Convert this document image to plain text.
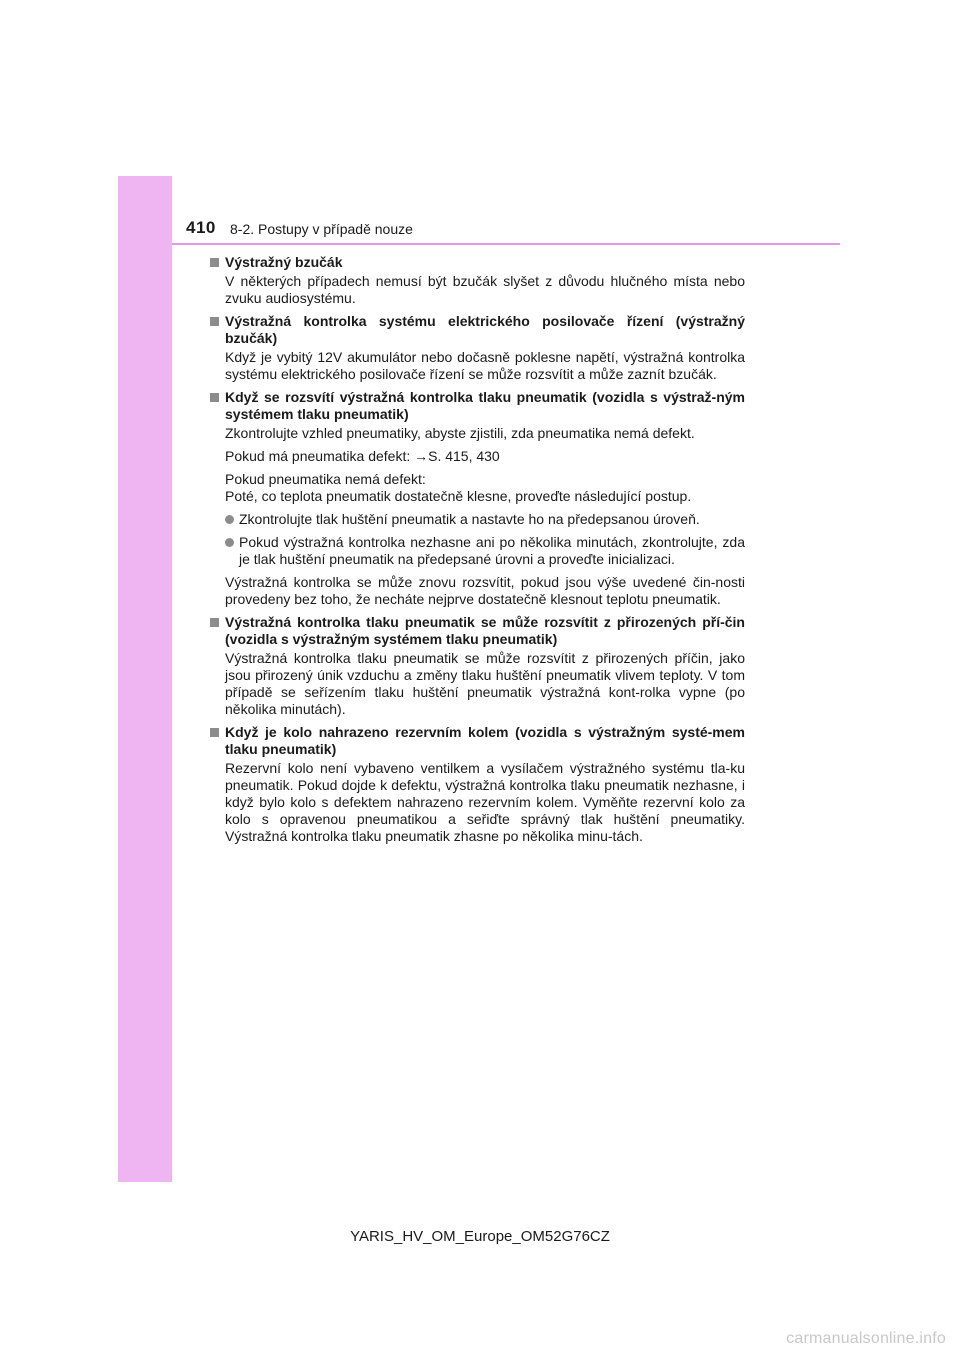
410 8-2. Postupy v případě nouze
Výstražný bzučák
V některých případech nemusí být bzučák slyšet z důvodu hlučného místa nebo zvuku audiosystému.
Výstražná kontrolka systému elektrického posilovače řízení (výstražný bzučák)
Když je vybitý 12V akumulátor nebo dočasně poklesne napětí, výstražná kontrolka systému elektrického posilovače řízení se může rozsvítit a může zaznít bzučák.
Když se rozsvítí výstražná kontrolka tlaku pneumatik (vozidla s výstraž-ným systémem tlaku pneumatik)
Zkontrolujte vzhled pneumatiky, abyste zjistili, zda pneumatika nemá defekt.
Pokud má pneumatika defekt: →S. 415, 430
Pokud pneumatika nemá defekt:
Poté, co teplota pneumatik dostatečně klesne, proveďte následující postup.
Zkontrolujte tlak huštění pneumatik a nastavte ho na předepsanou úroveň.
Pokud výstražná kontrolka nezhasne ani po několika minutách, zkontrolujte, zda je tlak huštění pneumatik na předepsané úrovni a proveďte inicializaci.
Výstražná kontrolka se může znovu rozsvítit, pokud jsou výše uvedené čin-nosti provedeny bez toho, že necháte nejprve dostatečně klesnout teplotu pneumatik.
Výstražná kontrolka tlaku pneumatik se může rozsvítit z přirozených pří-čin (vozidla s výstražným systémem tlaku pneumatik)
Výstražná kontrolka tlaku pneumatik se může rozsvítit z přirozených příčin, jako jsou přirozený únik vzduchu a změny tlaku huštění pneumatik vlivem teploty. V tom případě se seřízením tlaku huštění pneumatik výstražná kont-rolka vypne (po několika minutách).
Když je kolo nahrazeno rezervním kolem (vozidla s výstražným systé-mem tlaku pneumatik)
Rezervní kolo není vybaveno ventilkem a vysílačem výstražného systému tla-ku pneumatik. Pokud dojde k defektu, výstražná kontrolka tlaku pneumatik nezhasne, i když bylo kolo s defektem nahrazeno rezervním kolem. Vyměňte rezervní kolo za kolo s opravenou pneumatikou a seřiďte správný tlak huštění pneumatiky. Výstražná kontrolka tlaku pneumatik zhasne po několika minu-tách.
YARIS_HV_OM_Europe_OM52G76CZ
carmanualsonline.info
